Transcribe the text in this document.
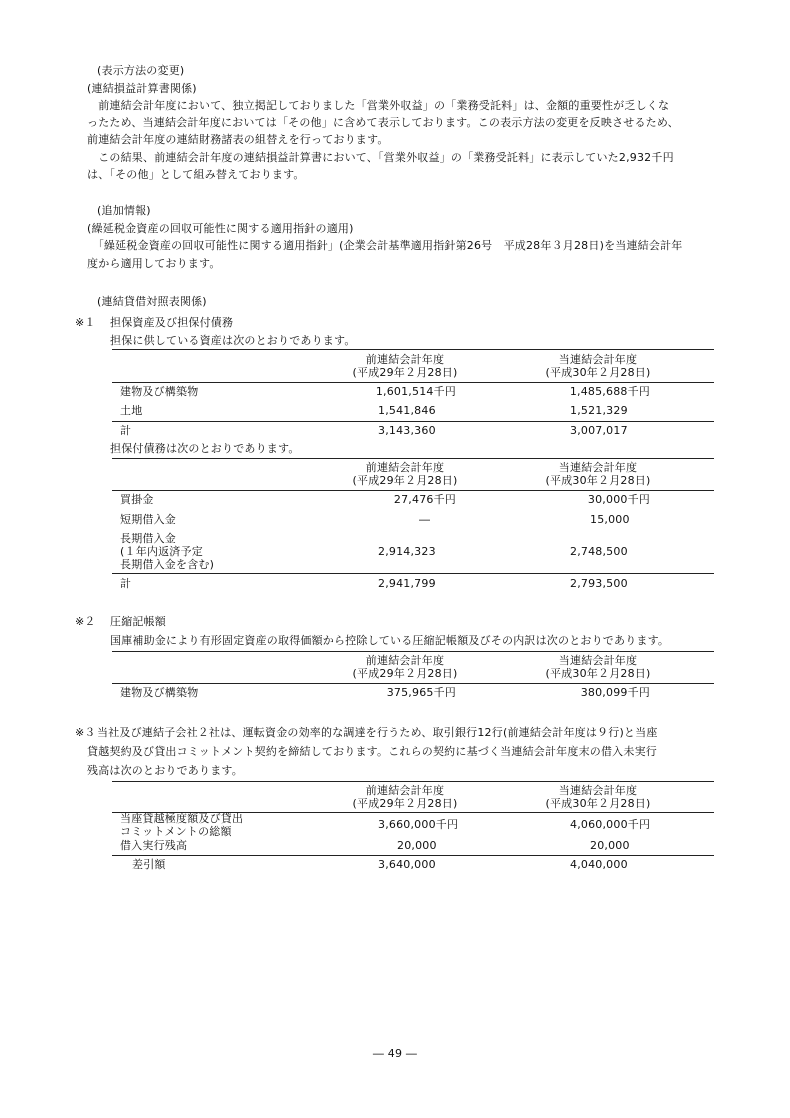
(表示方法の変更)
(連結損益計算書関係)
　前連結会計年度において、独立掲記しておりました「営業外収益」の「業務受託料」は、金額的重要性が乏しくな
ったため、当連結会計年度においては「その他」に含めて表示しております。この表示方法の変更を反映させるため、
前連結会計年度の連結財務諸表の組替えを行っております。
　この結果、前連結会計年度の連結損益計算書において、「営業外収益」の「業務受託料」に表示していた2,932千円
は、「その他」として組み替えております。
(追加情報)
(繰延税金資産の回収可能性に関する適用指針の適用)
　「繰延税金資産の回収可能性に関する適用指針」(企業会計基準適用指針第26号　平成28年３月28日)を当連結会計年
度から適用しております。
(連結貸借対照表関係)
※１ 担保資産及び担保付債務
担保に供している資産は次のとおりであります。
前連結会計年度
(平成29年２月28日)
当連結会計年度
(平成30年２月28日)
建物及び構築物	1,601,514千円	1,485,688千円
土地	1,541,846	1,521,329
計	3,143,360	3,007,017
担保付債務は次のとおりであります。
前連結会計年度
(平成29年２月28日)
当連結会計年度
(平成30年２月28日)
買掛金	27,476千円	30,000千円
短期借入金	―	15,000
長期借入金
(１年内返済予定
長期借入金を含む)
2,914,323	2,748,500
計	2,941,799	2,793,500
※２ 圧縮記帳額
国庫補助金により有形固定資産の取得価額から控除している圧縮記帳額及びその内訳は次のとおりであります。
前連結会計年度
(平成29年２月28日)
当連結会計年度
(平成30年２月28日)
建物及び構築物	375,965千円	380,099千円
※３ 当社及び連結子会社２社は、運転資金の効率的な調達を行うため、取引銀行12行(前連結会計年度は９行)と当座
貸越契約及び貸出コミットメント契約を締結しております。これらの契約に基づく当連結会計年度末の借入未実行
残高は次のとおりであります。
前連結会計年度
(平成29年２月28日)
当連結会計年度
(平成30年２月28日)
当座貸越極度額及び貸出
コミットメントの総額
3,660,000千円	4,060,000千円
借入実行残高	20,000	20,000
差引額	3,640,000	4,040,000
― 49 ―
